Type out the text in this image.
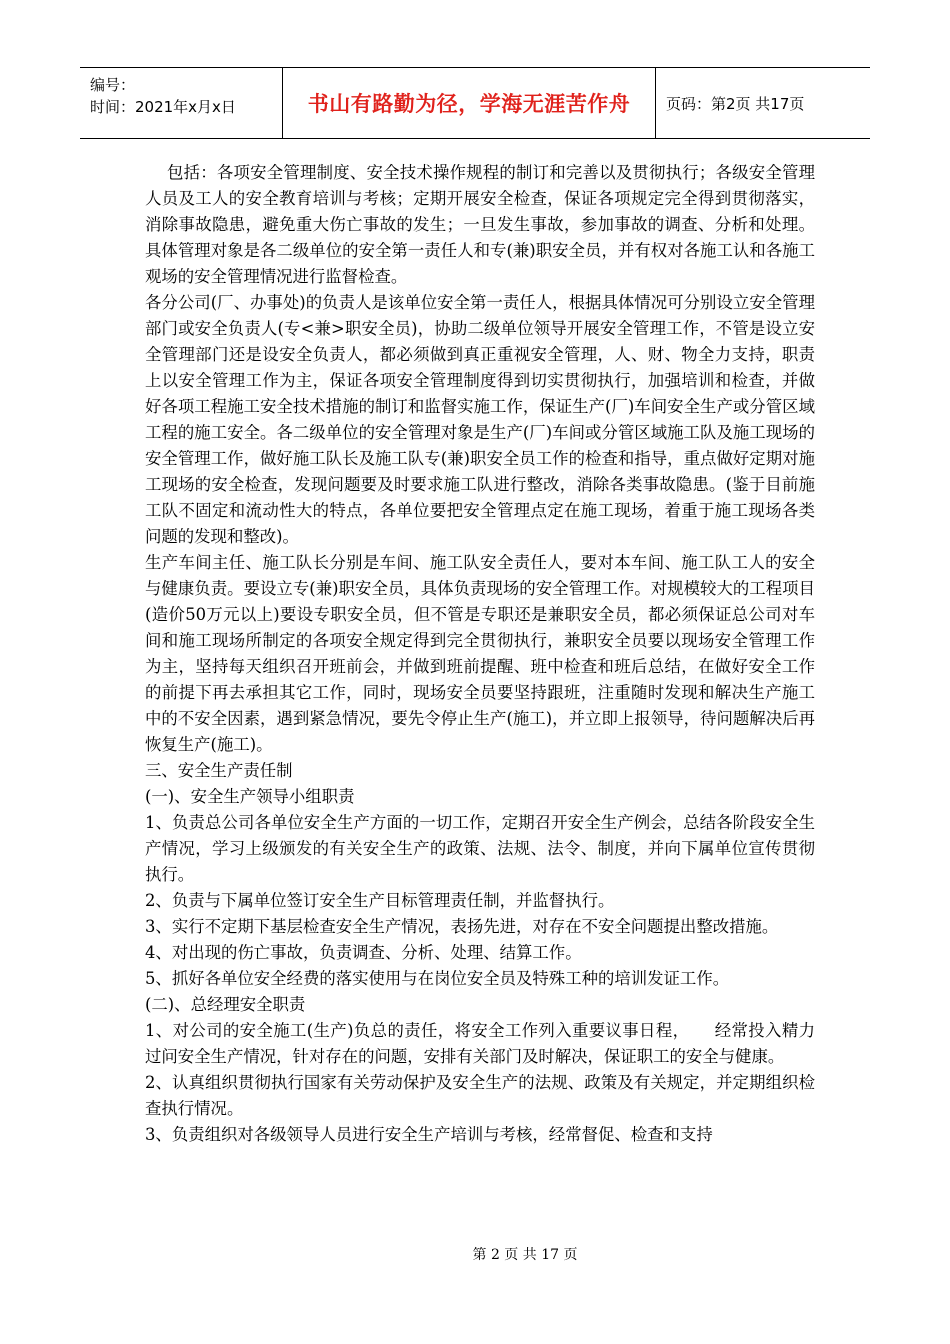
编号：
时间：2021年x月x日	书山有路勤为径，学海无涯苦作舟	页码：第2页 共17页

包括：各项安全管理制度、安全技术操作规程的制订和完善以及贯彻执行；各级安全管理人员及工人的安全教育培训与考核；定期开展安全检查，保证各项规定完全得到贯彻落实，消除事故隐患，避免重大伤亡事故的发生；一旦发生事故，参加事故的调查、分析和处理。具体管理对象是各二级单位的安全第一责任人和专(兼)职安全员，并有权对各施工认和各施工观场的安全管理情况进行监督检查。

各分公司(厂、办事处)的负责人是该单位安全第一责任人，根据具体情况可分别设立安全管理部门或安全负责人(专<兼>职安全员)，协助二级单位领导开展安全管理工作，不管是设立安全管理部门还是设安全负责人，都必须做到真正重视安全管理，人、财、物全力支持，职责上以安全管理工作为主，保证各项安全管理制度得到切实贯彻执行，加强培训和检查，并做好各项工程施工安全技术措施的制订和监督实施工作，保证生产(厂)车间安全生产或分管区域工程的施工安全。各二级单位的安全管理对象是生产(厂)车间或分管区域施工队及施工现场的安全管理工作，做好施工队长及施工队专(兼)职安全员工作的检查和指导，重点做好定期对施工现场的安全检查，发现问题要及时要求施工队进行整改，消除各类事故隐患。(鉴于目前施工队不固定和流动性大的特点，各单位要把安全管理点定在施工现场，着重于施工现场各类问题的发现和整改)。

生产车间主任、施工队长分别是车间、施工队安全责任人，要对本车间、施工队工人的安全与健康负责。要设立专(兼)职安全员，具体负责现场的安全管理工作。对规模较大的工程项目(造价50万元以上)要设专职安全员，但不管是专职还是兼职安全员，都必须保证总公司对车间和施工现场所制定的各项安全规定得到完全贯彻执行，兼职安全员要以现场安全管理工作为主，坚持每天组织召开班前会，并做到班前提醒、班中检查和班后总结，在做好安全工作的前提下再去承担其它工作，同时，现场安全员要坚持跟班，注重随时发现和解决生产施工中的不安全因素，遇到紧急情况，要先令停止生产(施工)，并立即上报领导，待问题解决后再恢复生产(施工)。

三、安全生产责任制

(一)、安全生产领导小组职责

1、负责总公司各单位安全生产方面的一切工作，定期召开安全生产例会，总结各阶段安全生产情况，学习上级颁发的有关安全生产的政策、法规、法令、制度，并向下属单位宣传贯彻执行。

2、负责与下属单位签订安全生产目标管理责任制，并监督执行。

3、实行不定期下基层检查安全生产情况，表扬先进，对存在不安全问题提出整改措施。

4、对出现的伤亡事故，负责调查、分析、处理、结算工作。

5、抓好各单位安全经费的落实使用与在岗位安全员及特殊工种的培训发证工作。

(二)、总经理安全职责

1、对公司的安全施工(生产)负总的责任，将安全工作列入重要议事日程，　　经常投入精力过问安全生产情况，针对存在的问题，安排有关部门及时解决，保证职工的安全与健康。

2、认真组织贯彻执行国家有关劳动保护及安全生产的法规、政策及有关规定，并定期组织检查执行情况。

3、负责组织对各级领导人员进行安全生产培训与考核，经常督促、检查和支持

第 2 页 共 17 页
